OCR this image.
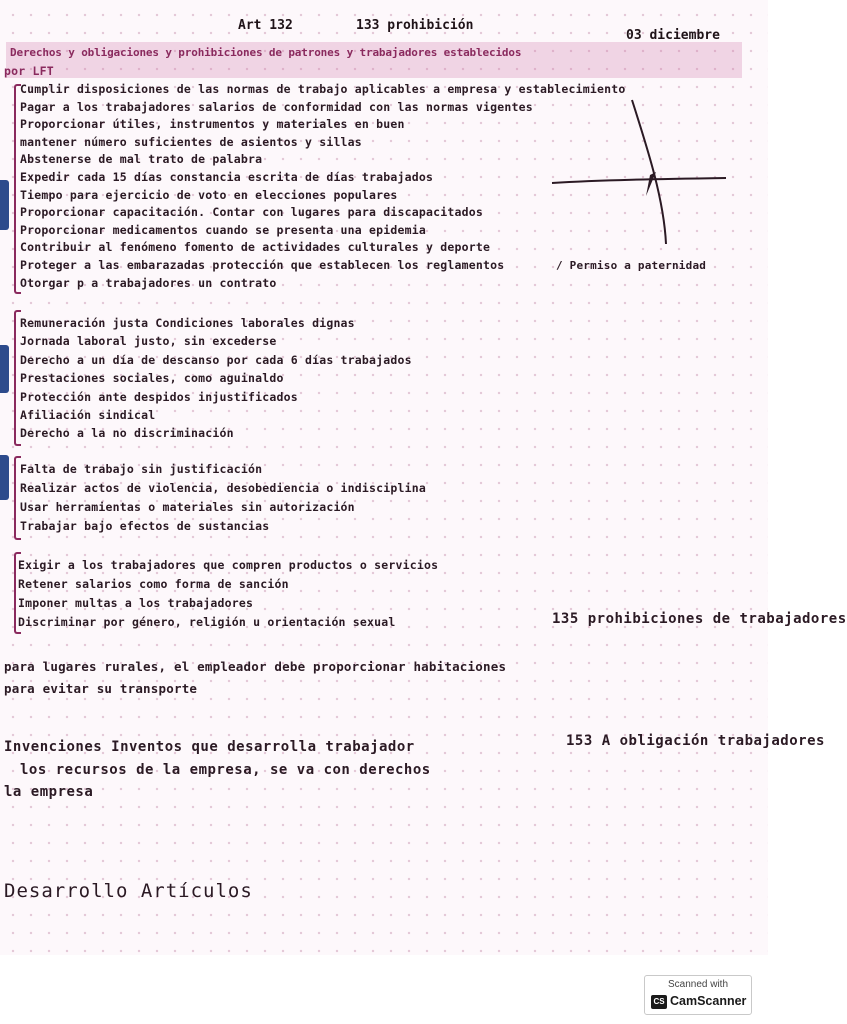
Art 132	133 prohibición
03 diciembre
Derechos y obligaciones y prohibiciones de patrones y trabajadores establecidos
por LFT
Cumplir disposiciones de las normas de trabajo aplicables a empresa y establecimiento
Pagar a los trabajadores salarios de conformidad con las normas vigentes
Proporcionar útiles, instrumentos y materiales en buen
mantener número suficientes de asientos y sillas
Abstenerse de mal trato de palabra
Expedir cada 15 días constancia escrita de días trabajados
Tiempo para ejercicio de voto en elecciones populares
Proporcionar capacitación. Contar con lugares para discapacitados
Proporcionar medicamentos cuando se presenta una epidemia
Contribuir al fenómeno fomento de actividades culturales y deporte
Proteger a las embarazadas protección que establecen los reglamentos
Otorgar p a trabajadores un contrato
/ Permiso a paternidad
Remuneración justa Condiciones laborales dignas
Jornada laboral justo, sin excederse
Derecho a un día de descanso por cada 6 días trabajados
Prestaciones sociales, como aguinaldo
Protección ante despidos injustificados
Afiliación sindical
Derecho a la no discriminación
Falta de trabajo sin justificación
Realizar actos de violencia, desobediencia o indisciplina
Usar herramientas o materiales sin autorización
Trabajar bajo efectos de sustancias
Exigir a los trabajadores que compren productos o servicios
Retener salarios como forma de sanción
Imponer multas a los trabajadores
Discriminar por género, religión u orientación sexual	135 prohibiciones de trabajadores
para lugares rurales, el empleador debe proporcionar habitaciones
para evitar su transporte
Invenciones Inventos que desarrolla trabajador
los recursos de la empresa, se va con derechos
la empresa
153 A obligación trabajadores
Desarrollo Artículos
Scanned with
CS CamScanner
